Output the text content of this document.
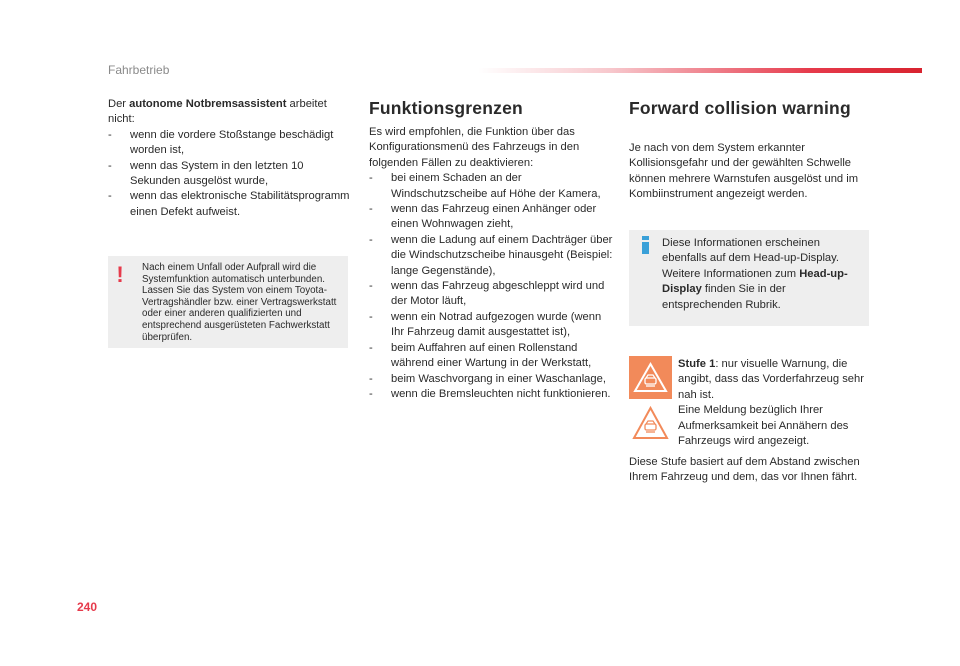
Fahrbetrieb

Der autonome Notbremsassistent arbeitet nicht:

- wenn die vordere Stoßstange beschädigt worden ist,
- wenn das System in den letzten 10 Sekunden ausgelöst wurde,
- wenn das elektronische Stabilitätsprogramm einen Defekt aufweist.
!	Nach einem Unfall oder Aufprall wird die Systemfunktion automatisch unterbunden. Lassen Sie das System von einem Toyota-Vertragshändler bzw. einer Vertragswerkstatt oder einer anderen qualifizierten und entsprechend ausgerüsteten Fachwerkstatt überprüfen.
Funktionsgrenzen

Es wird empfohlen, die Funktion über das Konfigurationsmenü des Fahrzeugs in den folgenden Fällen zu deaktivieren:

- bei einem Schaden an der Windschutzscheibe auf Höhe der Kamera,
- wenn das Fahrzeug einen Anhänger oder einen Wohnwagen zieht,
- wenn die Ladung auf einem Dachträger über die Windschutzscheibe hinausgeht (Beispiel: lange Gegenstände),
- wenn das Fahrzeug abgeschleppt wird und der Motor läuft,
- wenn ein Notrad aufgezogen wurde (wenn Ihr Fahrzeug damit ausgestattet ist),
- beim Auffahren auf einen Rollenstand während einer Wartung in der Werkstatt,
- beim Waschvorgang in einer Waschanlage,
- wenn die Bremsleuchten nicht funktionieren.
Forward collision warning
Je nach von dem System erkannter Kollisionsgefahr und der gewählten Schwelle können mehrere Warnstufen ausgelöst und im Kombiinstrument angezeigt werden.
Diese Informationen erscheinen ebenfalls auf dem Head-up-Display. Weitere Informationen zum Head-up-Display finden Sie in der entsprechenden Rubrik.

Stufe 1: nur visuelle Warnung, die angibt, dass das Vorderfahrzeug sehr nah ist.

Eine Meldung bezüglich Ihrer Aufmerksamkeit bei Annähern des Fahrzeugs wird angezeigt.

Diese Stufe basiert auf dem Abstand zwischen Ihrem Fahrzeug und dem, das vor Ihnen fährt.
240
